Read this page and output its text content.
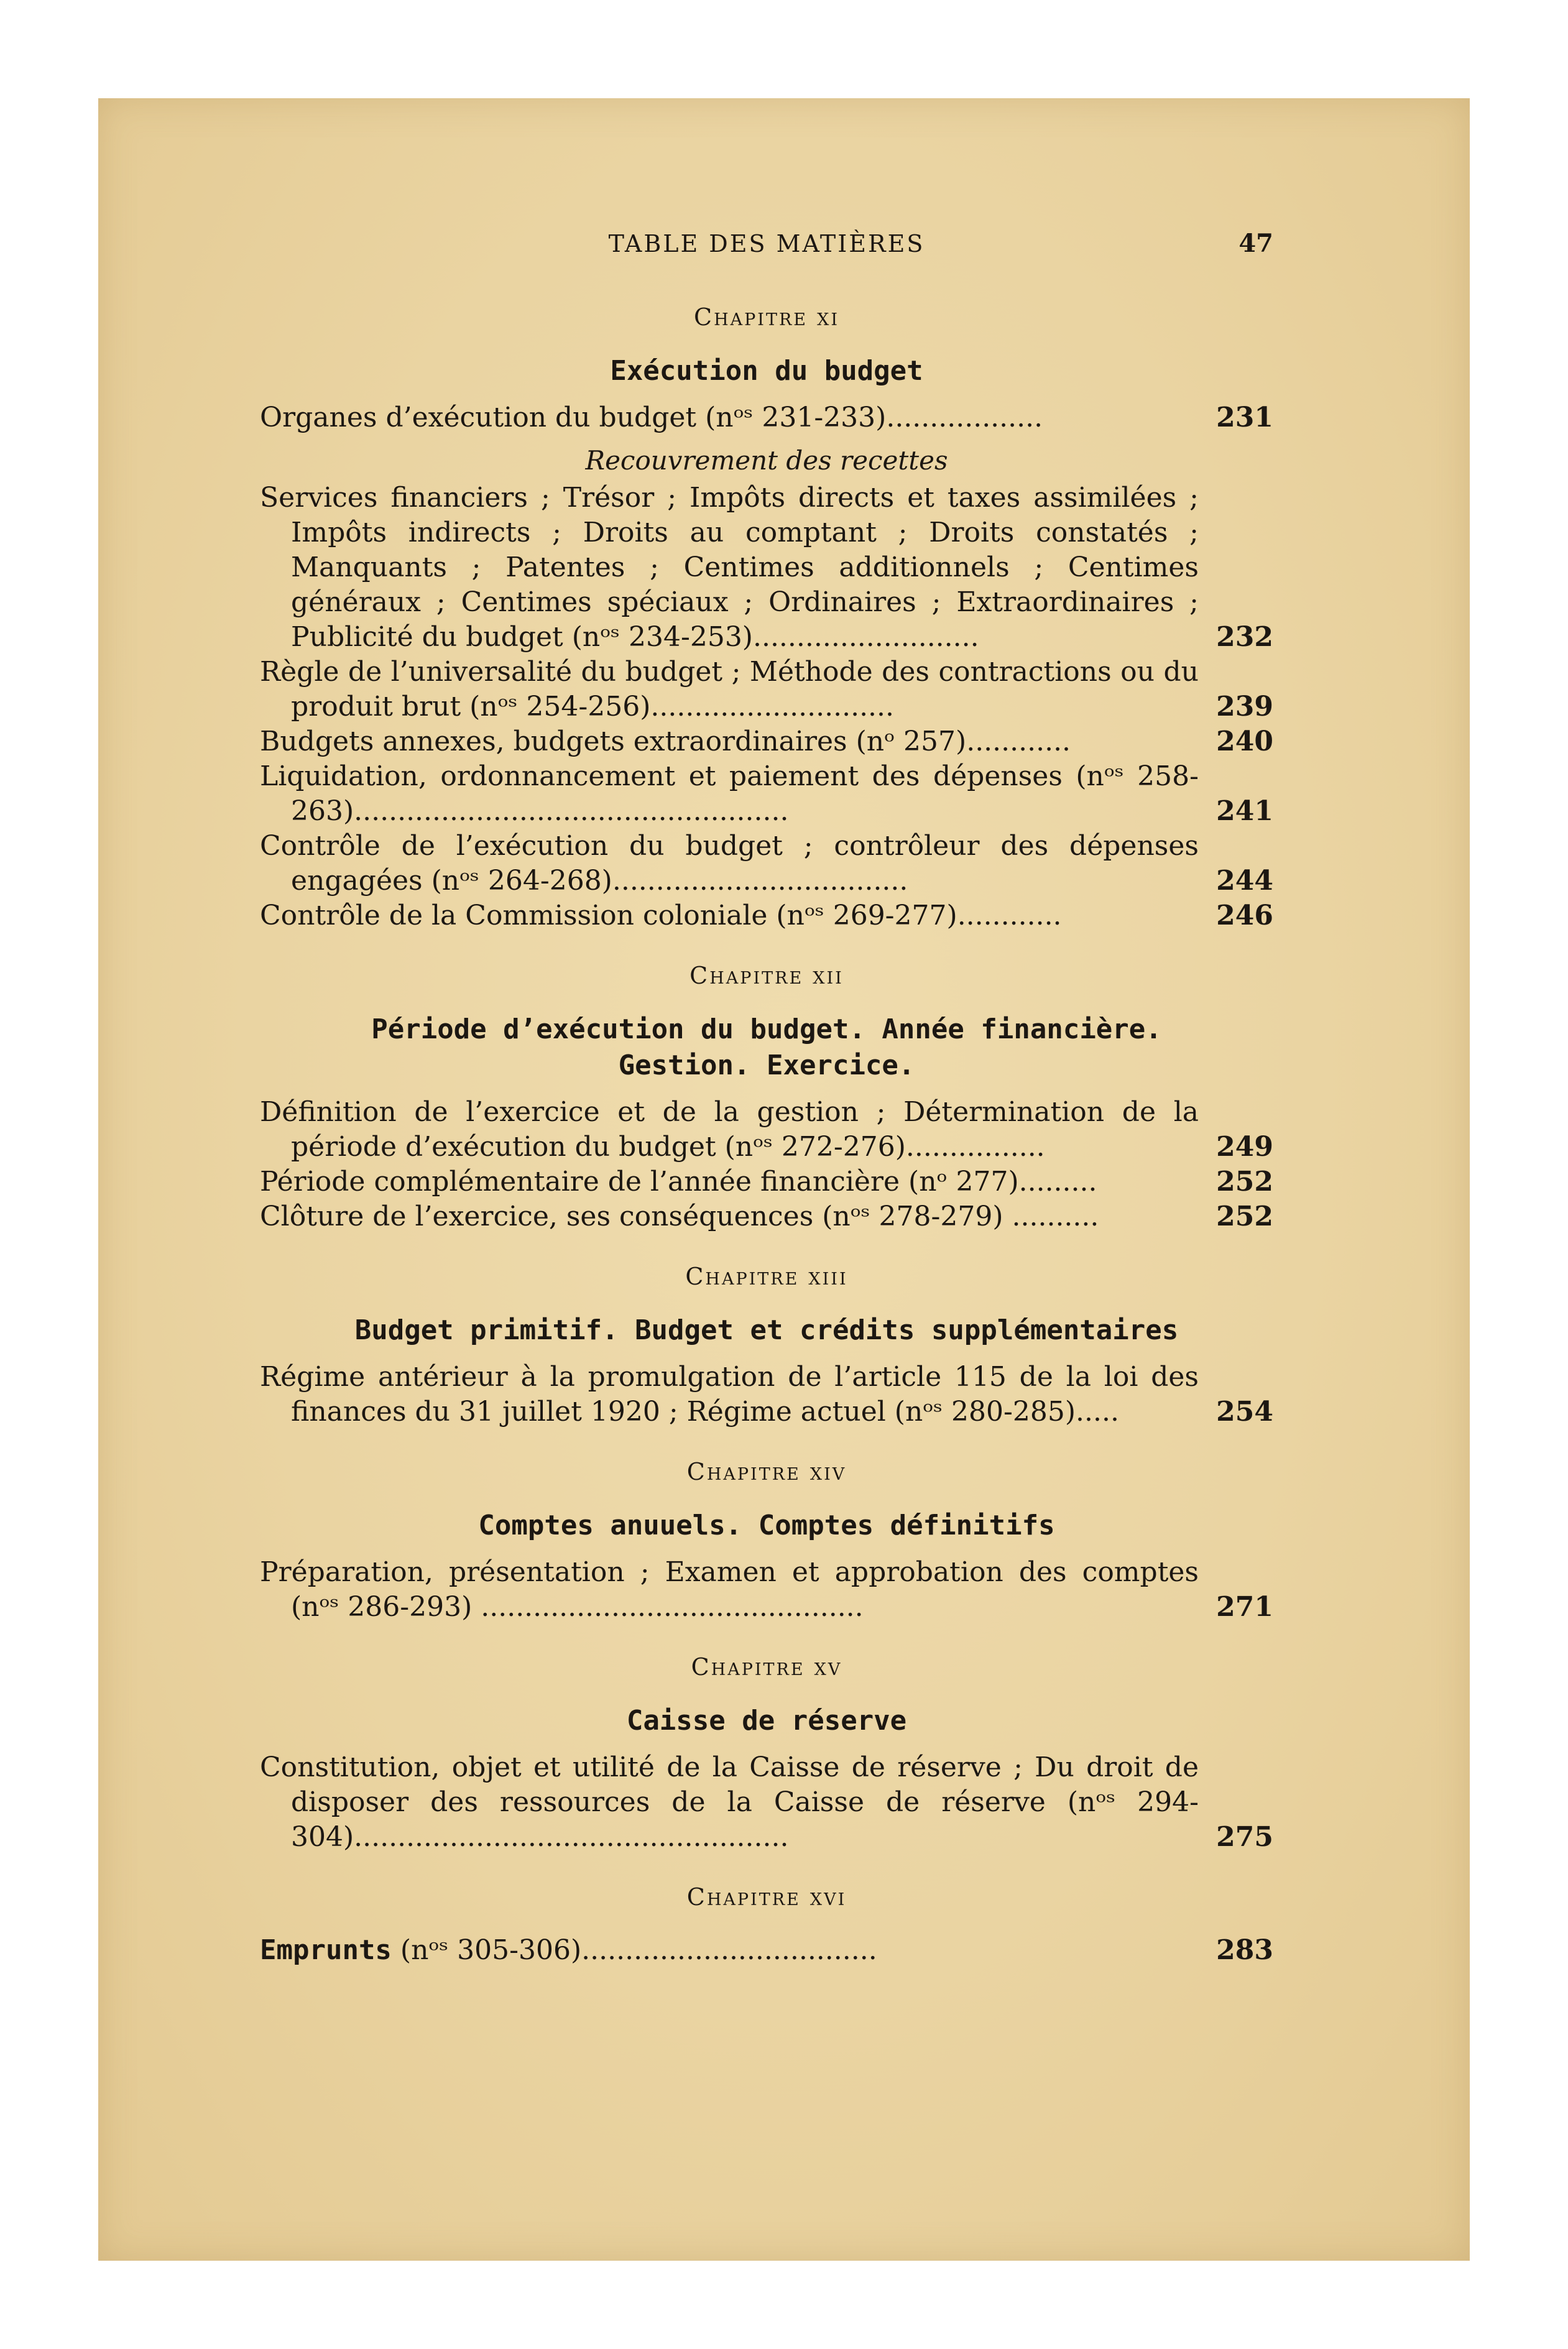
TABLE DES MATIÈRES	47
Chapitre xi
Exécution du budget
Organes d’exécution du budget (nᵒˢ 231-233)..................	231
Recouvrement des recettes
Services financiers ; Trésor ; Impôts directs et taxes assimilées ; Impôts indirects ; Droits au comptant ; Droits constatés ; Manquants ; Patentes ; Centimes additionnels ; Centimes généraux ; Centimes spéciaux ; Ordinaires ; Extraordinaires ; Publicité du budget (nᵒˢ 234-253)..........................	232
Règle de l’universalité du budget ; Méthode des contractions ou du produit brut (nᵒˢ 254-256)............................	239
Budgets annexes, budgets extraordinaires (nᵒ 257)............	240
Liquidation, ordonnancement et paiement des dépenses (nᵒˢ 258-263)..................................................	241
Contrôle de l’exécution du budget ; contrôleur des dépenses engagées (nᵒˢ 264-268)..................................	244
Contrôle de la Commission coloniale (nᵒˢ 269-277)............	246
Chapitre xii
Période d’exécution du budget. Année financière.
Gestion. Exercice.
Définition de l’exercice et de la gestion ; Détermination de la période d’exécution du budget (nᵒˢ 272-276)................	249
Période complémentaire de l’année financière (nᵒ 277).........	252
Clôture de l’exercice, ses conséquences (nᵒˢ 278-279) ..........	252
Chapitre xiii
Budget primitif. Budget et crédits supplémentaires
Régime antérieur à la promulgation de l’article 115 de la loi des finances du 31 juillet 1920 ; Régime actuel (nᵒˢ 280-285).....	254
Chapitre xiv
Comptes anuuels. Comptes définitifs
Préparation, présentation ; Examen et approbation des comptes (nᵒˢ 286-293) ............................................	271
Chapitre xv
Caisse de réserve
Constitution, objet et utilité de la Caisse de réserve ; Du droit de disposer des ressources de la Caisse de réserve (nᵒˢ 294-304)..................................................	275
Chapitre xvi
Emprunts (nᵒˢ 305-306)..................................	283
